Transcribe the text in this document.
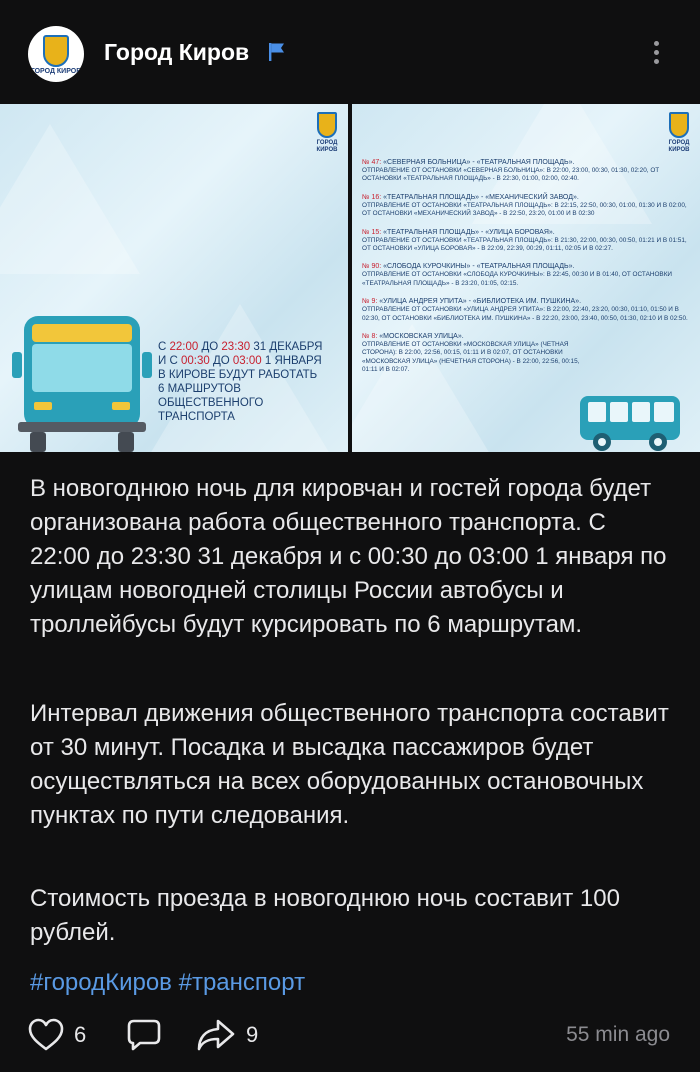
ГОРОД КИРОВ
Город Киров
ГОРОД КИРОВ
С 22:00 ДО 23:30 31 ДЕКАБРЯ
И С 00:30 ДО 03:00 1 ЯНВАРЯ
В КИРОВЕ БУДУТ РАБОТАТЬ
6 МАРШРУТОВ
ОБЩЕСТВЕННОГО
ТРАНСПОРТА
ГОРОД КИРОВ
№ 47: «СЕВЕРНАЯ БОЛЬНИЦА» - «ТЕАТРАЛЬНАЯ ПЛОЩАДЬ».
ОТПРАВЛЕНИЕ ОТ ОСТАНОВКИ «СЕВЕРНАЯ БОЛЬНИЦА»: В 22:00, 23:00, 00:30, 01:30, 02:20, ОТ ОСТАНОВКИ «ТЕАТРАЛЬНАЯ ПЛОЩАДЬ» - В 22:30, 01:00, 02:00, 02:40.
№ 16: «ТЕАТРАЛЬНАЯ ПЛОЩАДЬ» - «МЕХАНИЧЕСКИЙ ЗАВОД».
ОТПРАВЛЕНИЕ ОТ ОСТАНОВКИ «ТЕАТРАЛЬНАЯ ПЛОЩАДЬ»: В 22:15, 22:50, 00:30, 01:00, 01:30 И В 02:00, ОТ ОСТАНОВКИ «МЕХАНИЧЕСКИЙ ЗАВОД» - В 22:50, 23:20, 01:00 И В 02:30
№ 15: «ТЕАТРАЛЬНАЯ ПЛОЩАДЬ» - «УЛИЦА БОРОВАЯ».
ОТПРАВЛЕНИЕ ОТ ОСТАНОВКИ «ТЕАТРАЛЬНАЯ ПЛОЩАДЬ»: В 21:30, 22:00, 00:30, 00:50, 01:21 И В 01:51, ОТ ОСТАНОВКИ «УЛИЦА БОРОВАЯ» - В 22:09, 22:39, 00:29, 01:11, 02:05 И В 02:27.
№ 90: «СЛОБОДА КУРОЧКИНЫ» - «ТЕАТРАЛЬНАЯ ПЛОЩАДЬ».
ОТПРАВЛЕНИЕ ОТ ОСТАНОВКИ «СЛОБОДА КУРОЧКИНЫ»: В 22:45, 00:30 И В 01:40, ОТ ОСТАНОВКИ «ТЕАТРАЛЬНАЯ ПЛОЩАДЬ» - В 23:20, 01:05, 02:15.
№ 9: «УЛИЦА АНДРЕЯ УПИТА» - «БИБЛИОТЕКА ИМ. ПУШКИНА».
ОТПРАВЛЕНИЕ ОТ ОСТАНОВКИ «УЛИЦА АНДРЕЯ УПИТА»: В 22:00, 22:40, 23:20, 00:30, 01:10, 01:50 И В 02:30, ОТ ОСТАНОВКИ «БИБЛИОТЕКА ИМ. ПУШКИНА» - В 22:20, 23:00, 23:40, 00:50, 01:30, 02:10 И В 02:50.
№ 8: «МОСКОВСКАЯ УЛИЦА».
ОТПРАВЛЕНИЕ ОТ ОСТАНОВКИ «МОСКОВСКАЯ УЛИЦА» (ЧЕТНАЯ СТОРОНА): В 22:00, 22:56, 00:15, 01:11 И В 02:07, ОТ ОСТАНОВКИ «МОСКОВСКАЯ УЛИЦА» (НЕЧЕТНАЯ СТОРОНА) - В 22:00, 22:56, 00:15, 01:11 И В 02:07.
В новогоднюю ночь для кировчан и гостей города будет организована работа общественного транспорта. С 22:00 до 23:30 31 декабря и с 00:30 до 03:00 1 января по улицам новогодней столицы России автобусы и троллейбусы будут курсировать по 6 маршрутам.
Интервал движения общественного транспорта составит от 30 минут. Посадка и высадка пассажиров будет осуществляться на всех оборудованных остановочных пунктах по пути следования.
Стоимость проезда в новогоднюю ночь составит 100 рублей.
#городКиров #транспорт
6	9	55 min ago
